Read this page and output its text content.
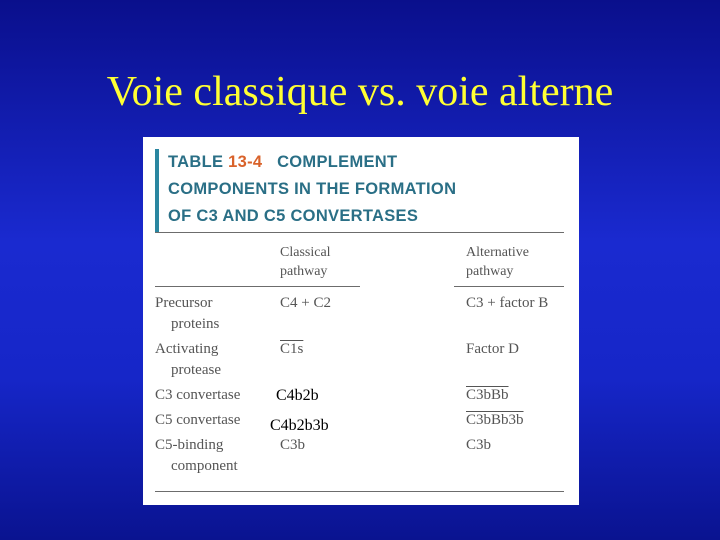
Voie classique vs. voie alterne
TABLE 13-4 COMPLEMENT
COMPONENTS IN THE FORMATION
OF C3 AND C5 CONVERTASES
Classical
pathway
Alternative
pathway
Precursor
proteins
C4 + C2	C3 + factor B
Activating
protease
C1s	Factor D
C3 convertase C4b2b	C3bBb
C5 convertase C4b2b3b	C3bBb3b
C5-binding
component
C3b	C3b
